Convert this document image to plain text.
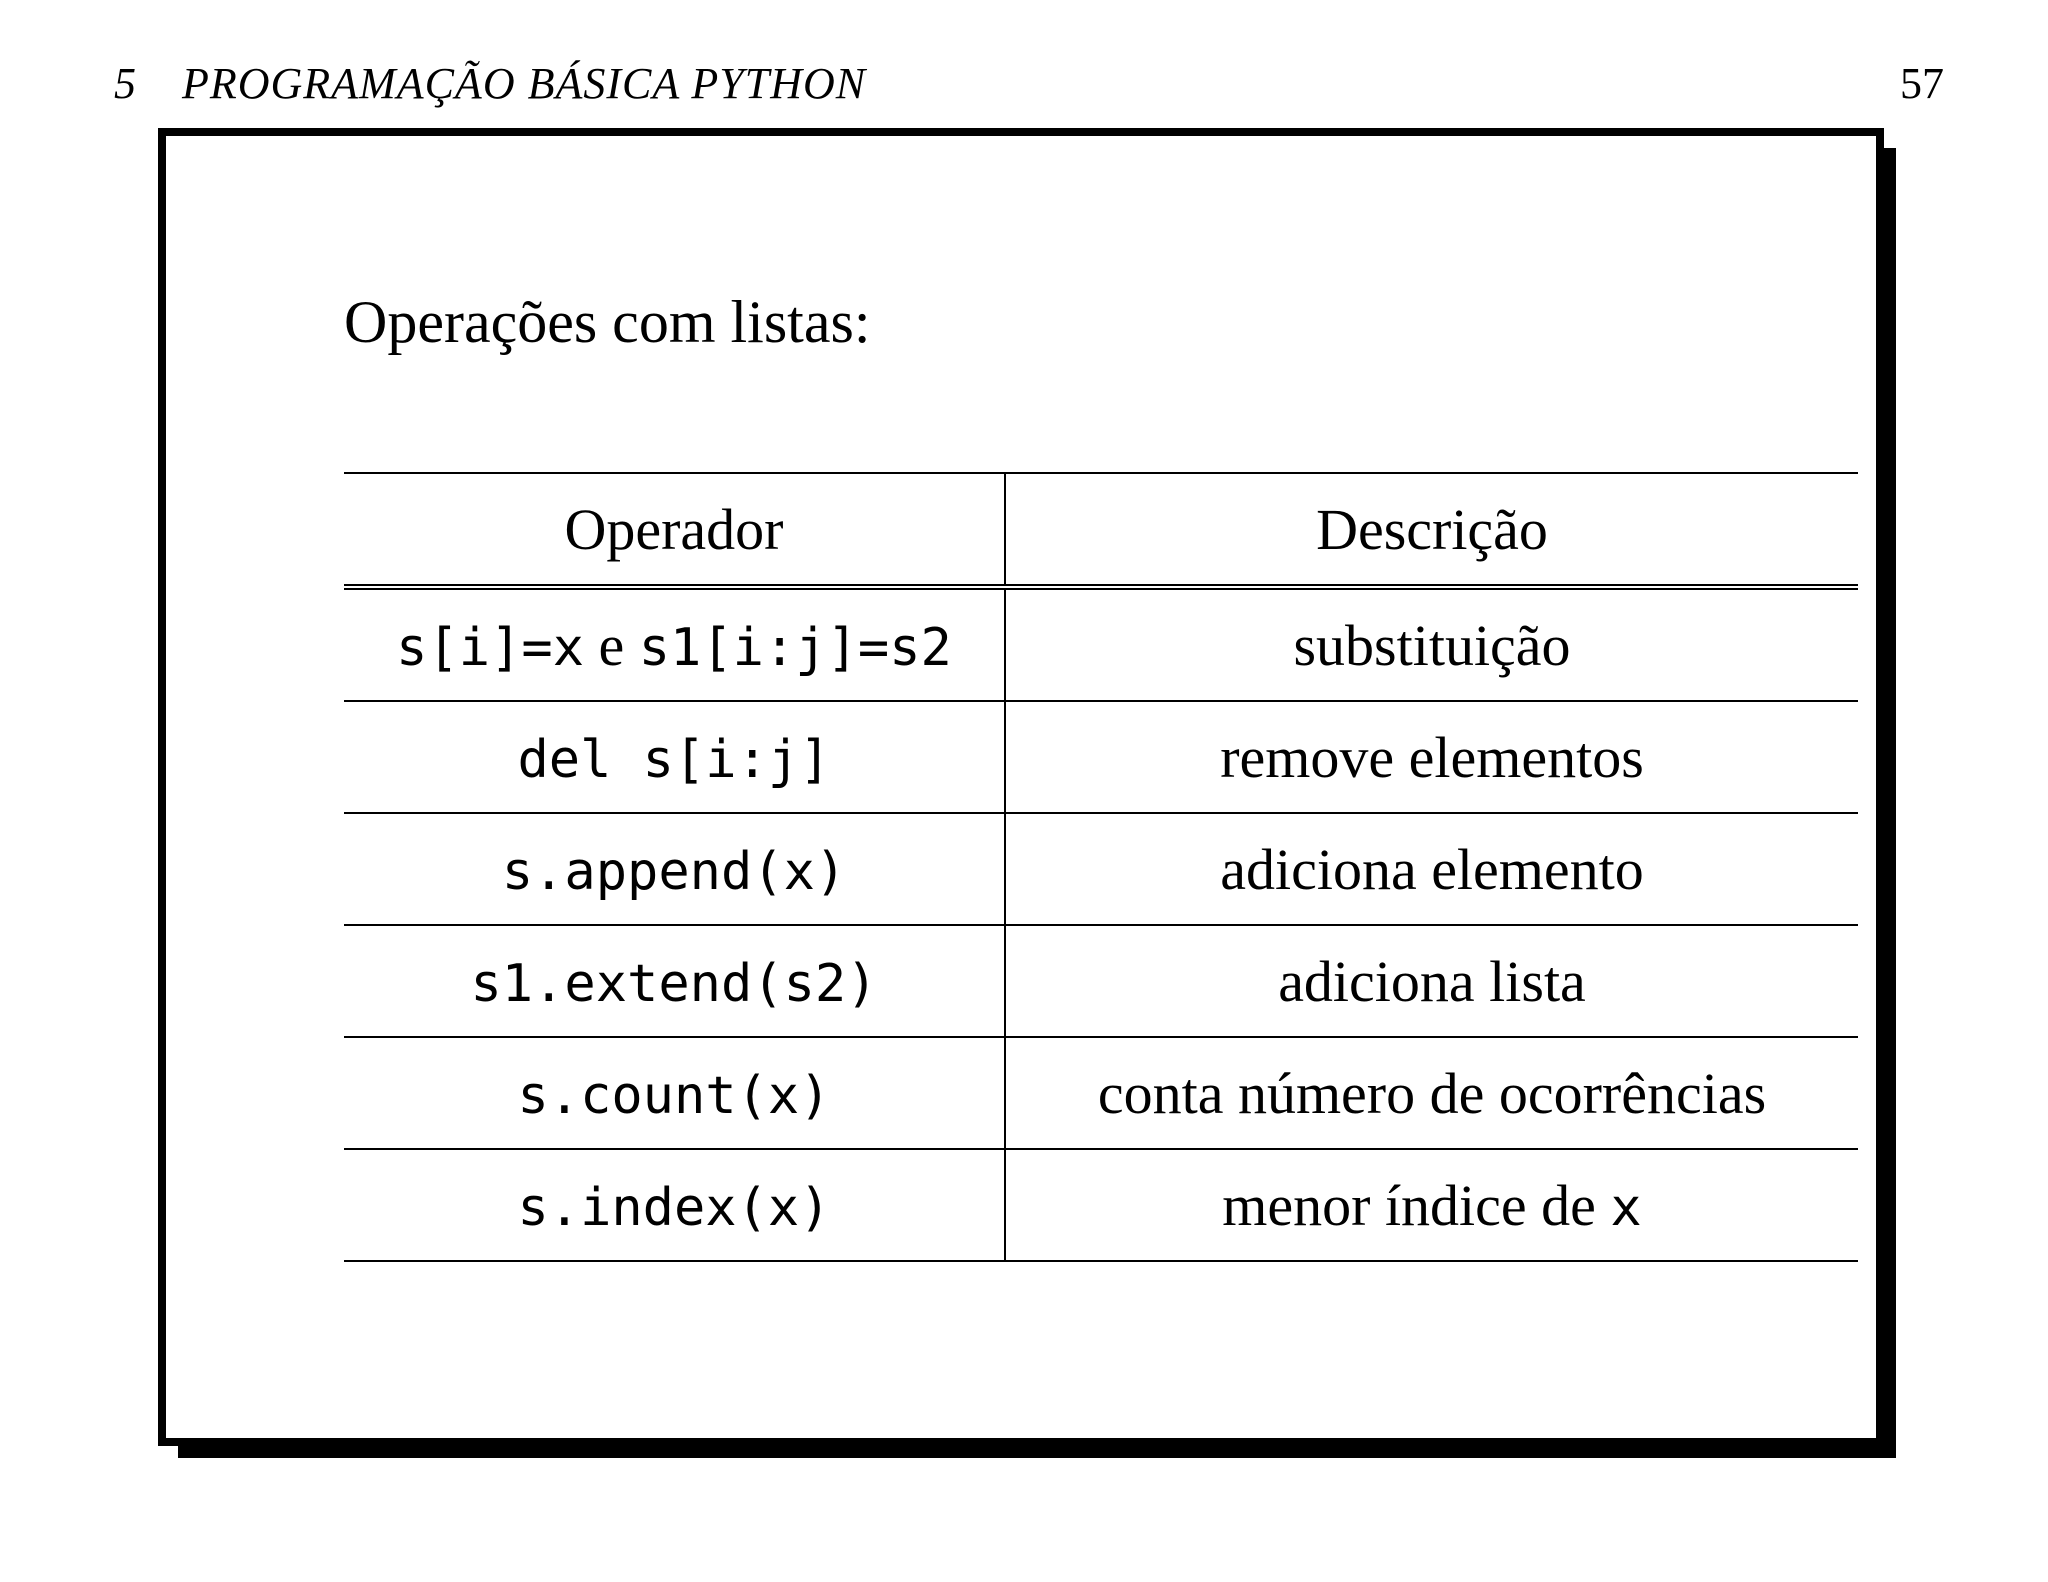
5 PROGRAMAÇÃO BÁSICA PYTHON	57
Operações com listas:
Operador	Descrição
s[i]=x e s1[i:j]=s2	substituição
del s[i:j]	remove elementos
s.append(x)	adiciona elemento
s1.extend(s2)	adiciona lista
s.count(x)	conta número de ocorrências
s.index(x)	menor índice de x
